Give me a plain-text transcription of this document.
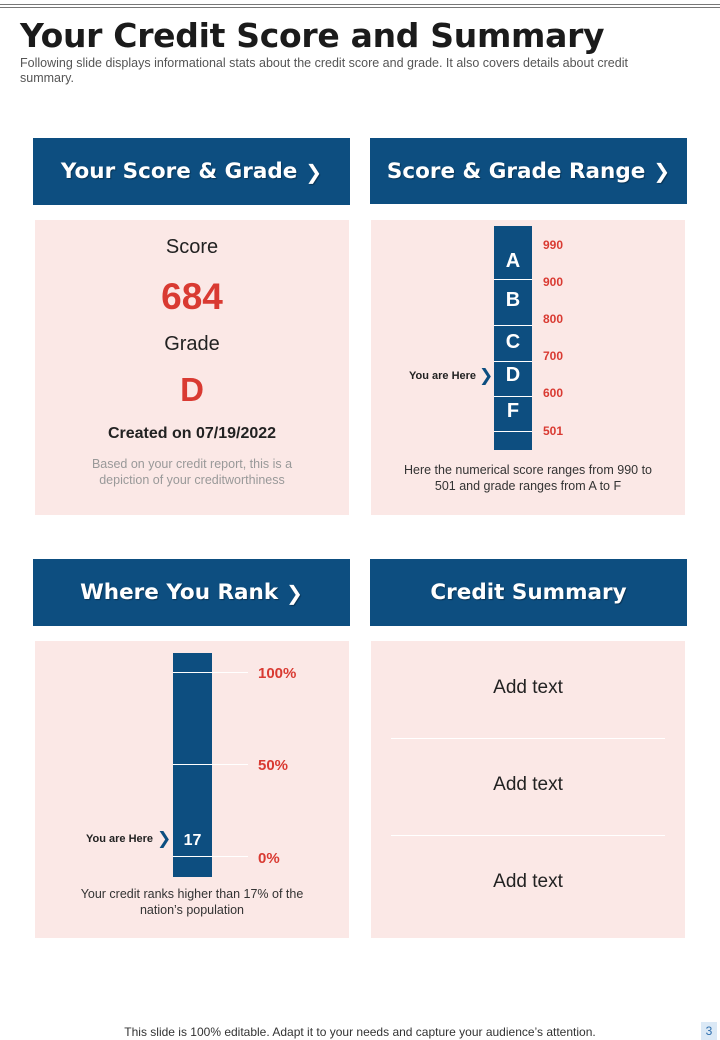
Your Credit Score and Summary
Following slide displays informational stats about the credit score and grade. It also covers details about credit summary.
Your Score & Grade ❯	Score & Grade Range ❯
Score
684
Grade
D
Created on 07/19/2022
Based on your credit report, this is a depiction of your creditworthiness
A
B
C
D
F
990
900
800
700
600
501
You are Here ❯
Here the numerical score ranges from 990 to 501 and grade ranges from A to F
Where You Rank ❯	Credit Summary
17
100%
50%
0%
You are Here ❯
Your credit ranks higher than 17% of the nation’s population
Add text
Add text
Add text
This slide is 100% editable. Adapt it to your needs and capture your audience’s attention.	3
